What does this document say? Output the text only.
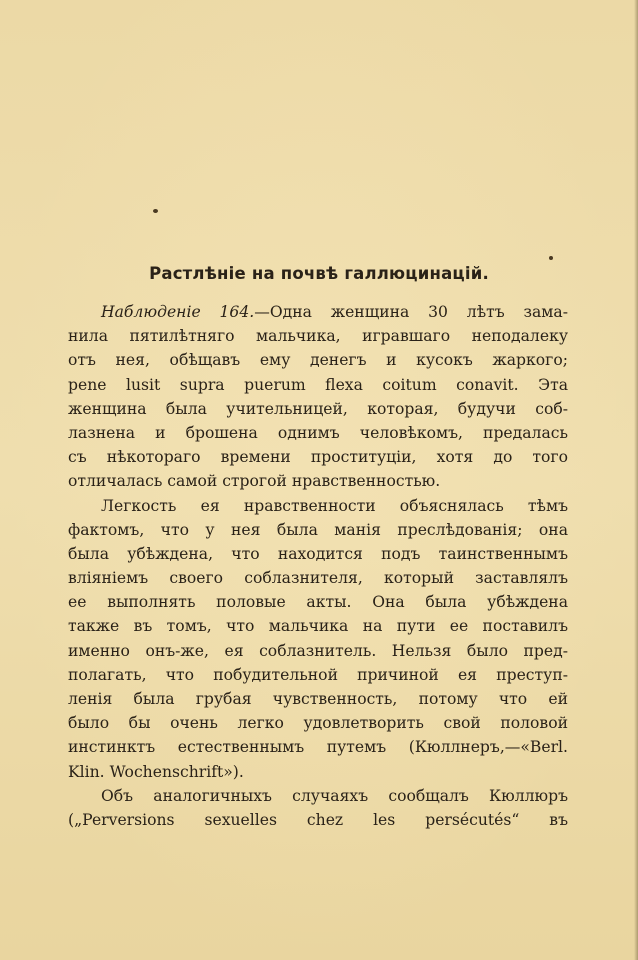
Растлѣніе на почвѣ галлюцинацій.
Наблюденіе 164.—Одна женщина 30 лѣтъ зама-
нила пятилѣтняго мальчика, игравшаго неподалеку
отъ нея, обѣщавъ ему денегъ и кусокъ жаркого;
pene lusit supra puerum flexa coitum conavit. Эта
женщина была учительницей, которая, будучи соб-
лазнена и брошена однимъ человѣкомъ, предалась
съ нѣкотораго времени проституціи, хотя до того
отличалась самой строгой нравственностью.
Легкость ея нравственности объяснялась тѣмъ
фактомъ, что у нея была манія преслѣдованія; она
была убѣждена, что находится подъ таинственнымъ
вліяніемъ своего соблазнителя, который заставлялъ
ее выполнять половые акты. Она была убѣждена
также въ томъ, что мальчика на пути ее поставилъ
именно онъ-же, ея соблазнитель. Нельзя было пред-
полагать, что побудительной причиной ея преступ-
ленія была грубая чувственность, потому что ей
было бы очень легко удовлетворить свой половой
инстинктъ естественнымъ путемъ (Кюллнеръ,—«Berl.
Klin. Wochenschrift»).
Объ аналогичныхъ случаяхъ сообщалъ Кюллюръ
(„Perversions sexuelles chez les persécutés“ въ
